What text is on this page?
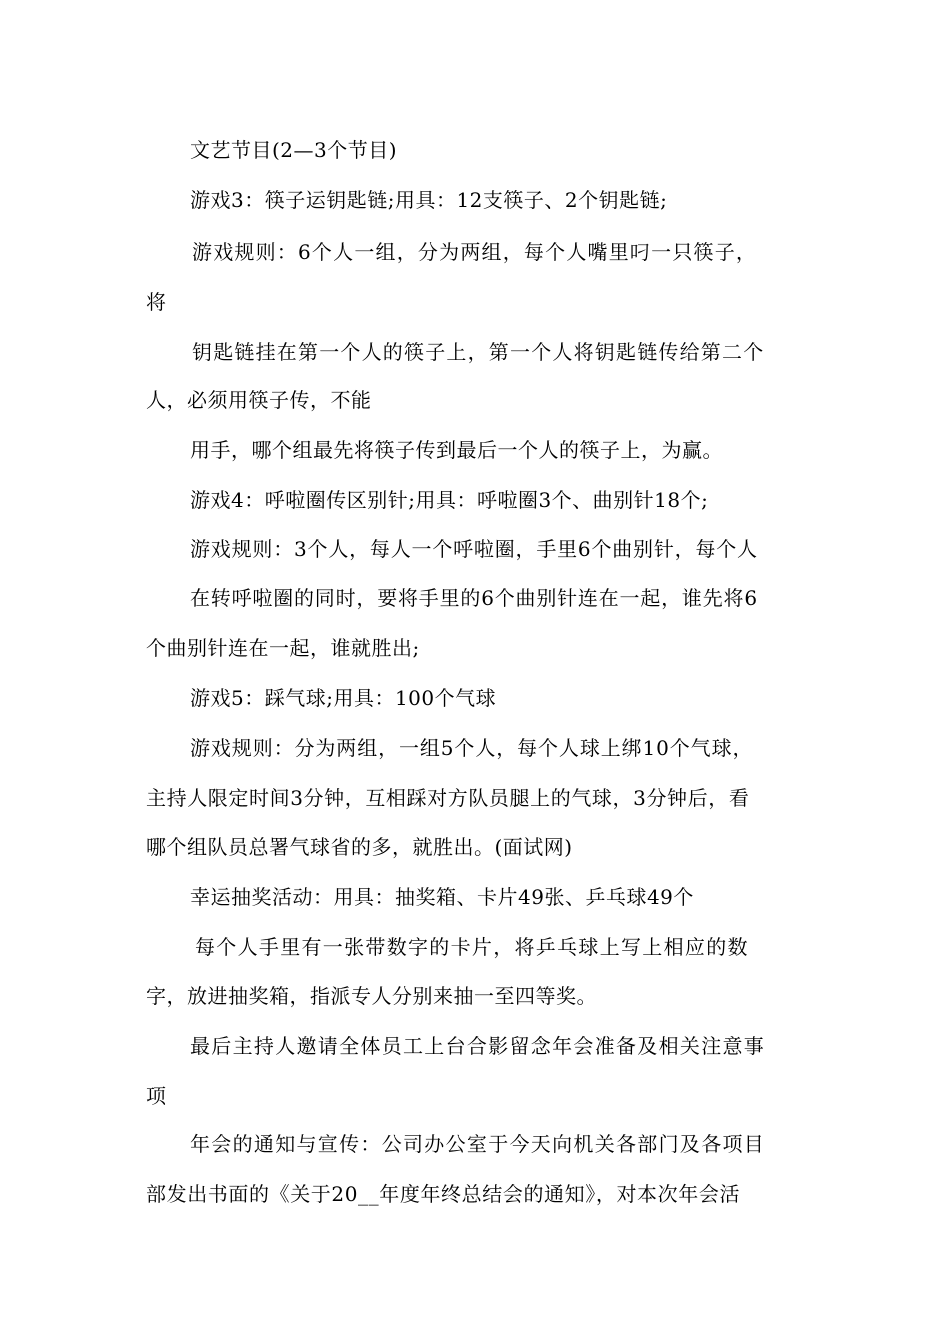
文艺节目(2—3个节目)
游戏3：筷子运钥匙链;用具：12支筷子、2个钥匙链;
游戏规则：6个人一组，分为两组，每个人嘴里叼一只筷子，
将
钥匙链挂在第一个人的筷子上，第一个人将钥匙链传给第二个
人，必须用筷子传，不能
用手，哪个组最先将筷子传到最后一个人的筷子上，为赢。
游戏4：呼啦圈传区别针;用具：呼啦圈3个、曲别针18个;
游戏规则：3个人，每人一个呼啦圈，手里6个曲别针，每个人
在转呼啦圈的同时，要将手里的6个曲别针连在一起，谁先将6
个曲别针连在一起，谁就胜出;
游戏5：踩气球;用具：100个气球
游戏规则：分为两组，一组5个人，每个人球上绑10个气球，
主持人限定时间3分钟，互相踩对方队员腿上的气球，3分钟后，看
哪个组队员总署气球省的多，就胜出。(面试网)
幸运抽奖活动：用具：抽奖箱、卡片49张、乒乓球49个
每个人手里有一张带数字的卡片，将乒乓球上写上相应的数
字，放进抽奖箱，指派专人分别来抽一至四等奖。
最后主持人邀请全体员工上台合影留念年会准备及相关注意事
项
年会的通知与宣传：公司办公室于今天向机关各部门及各项目
部发出书面的《关于20__年度年终总结会的通知》，对本次年会活
